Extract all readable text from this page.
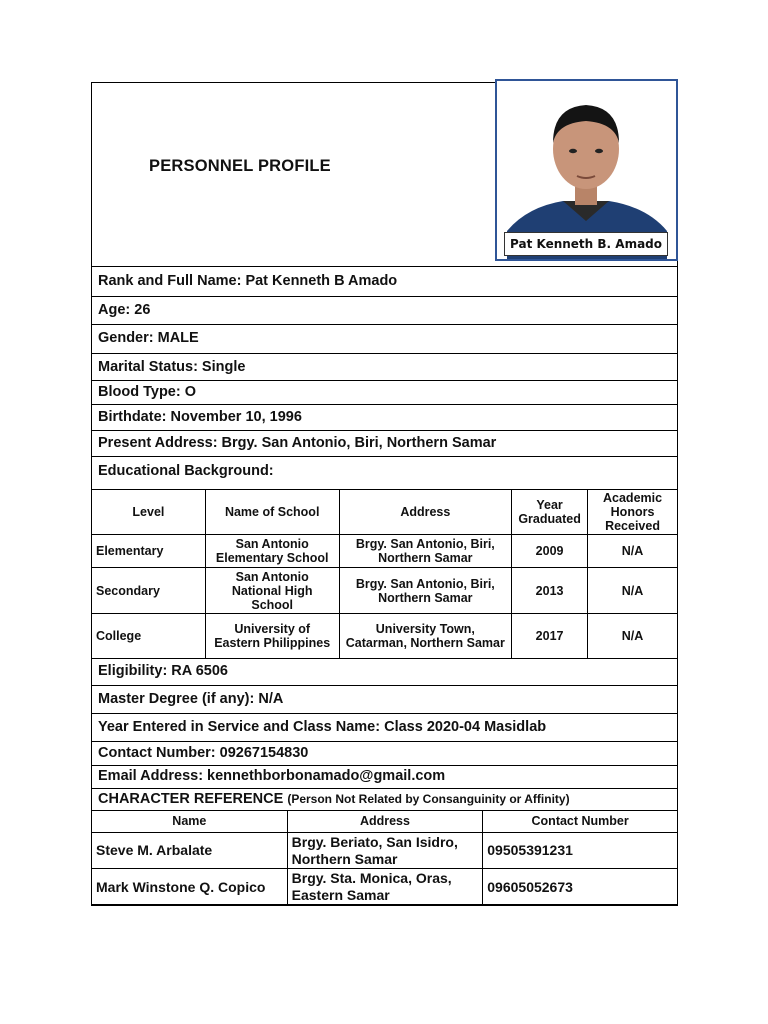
PERSONNEL PROFILE
Pat Kenneth B. Amado
Rank and Full Name: Pat Kenneth B Amado
Age: 26
Gender: MALE
Marital Status: Single
Blood Type: O
Birthdate: November 10, 1996
Present Address: Brgy. San Antonio, Biri, Northern Samar
Educational Background:
Level	Name of School	Address	Year Graduated	Academic Honors Received
Elementary	San Antonio Elementary School	Brgy. San Antonio, Biri, Northern Samar	2009	N/A
Secondary	San Antonio National High School	Brgy. San Antonio, Biri, Northern Samar	2013	N/A
College	University of Eastern Philippines	University Town, Catarman, Northern Samar	2017	N/A
Eligibility: RA 6506
Master Degree (if any): N/A
Year Entered in Service and Class Name: Class 2020-04 Masidlab
Contact Number: 09267154830
Email Address: kennethborbonamado@gmail.com
CHARACTER REFERENCE (Person Not Related by Consanguinity or Affinity)
Name	Address	Contact Number
Steve M. Arbalate	Brgy. Beriato, San Isidro, Northern Samar	09505391231
Mark Winstone Q. Copico	Brgy. Sta. Monica, Oras, Eastern Samar	09605052673
